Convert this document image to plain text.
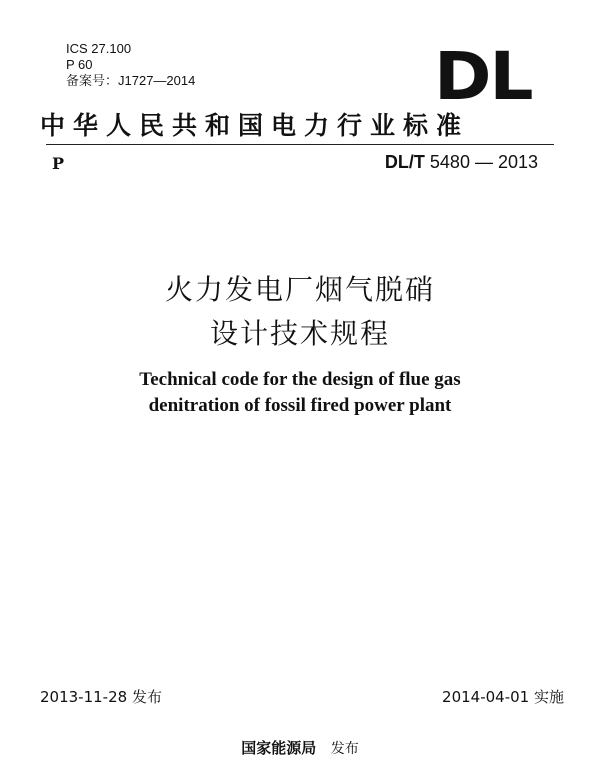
ICS 27.100
P 60
备案号：J1727—2014	DL
中华人民共和国电力行业标准
P	DL/T 5480 — 2013
火力发电厂烟气脱硝
设计技术规程
Technical code for the design of flue gas
denitration of fossil fired power plant
2013-11-28 发布	2014-04-01 实施
国家能源局 发布
